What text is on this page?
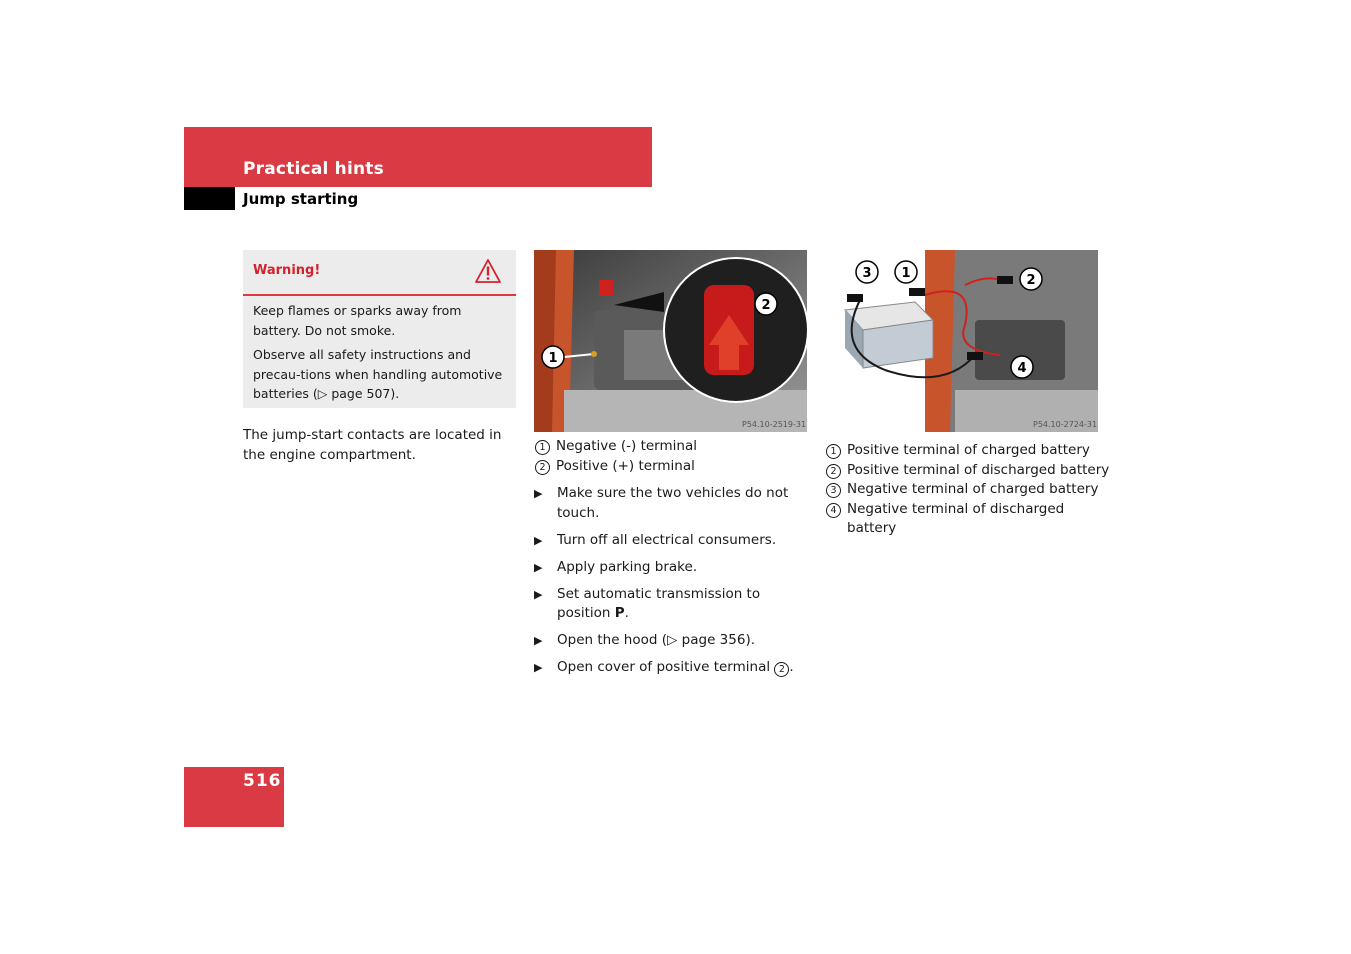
Practical hints
Jump starting
Warning!

Keep flames or sparks away from battery. Do not smoke.

Observe all safety instructions and precau-tions when handling automotive batteries (▷ page 507).

The jump-start contacts are located in the engine compartment.

2
1
P54.10-2519-31
1 Negative (-) terminal
2 Positive (+) terminal
▶ Make sure the two vehicles do not touch.
▶ Turn off all electrical consumers.
▶ Apply parking brake.
▶ Set automatic transmission to position P.
▶ Open the hood (▷ page 356).
▶ Open cover of positive terminal 2 .
1
3	2
4
P54.10-2724-31
1 Positive terminal of charged battery
2 Positive terminal of discharged battery
3 Negative terminal of charged battery
4 Negative terminal of discharged battery
516
